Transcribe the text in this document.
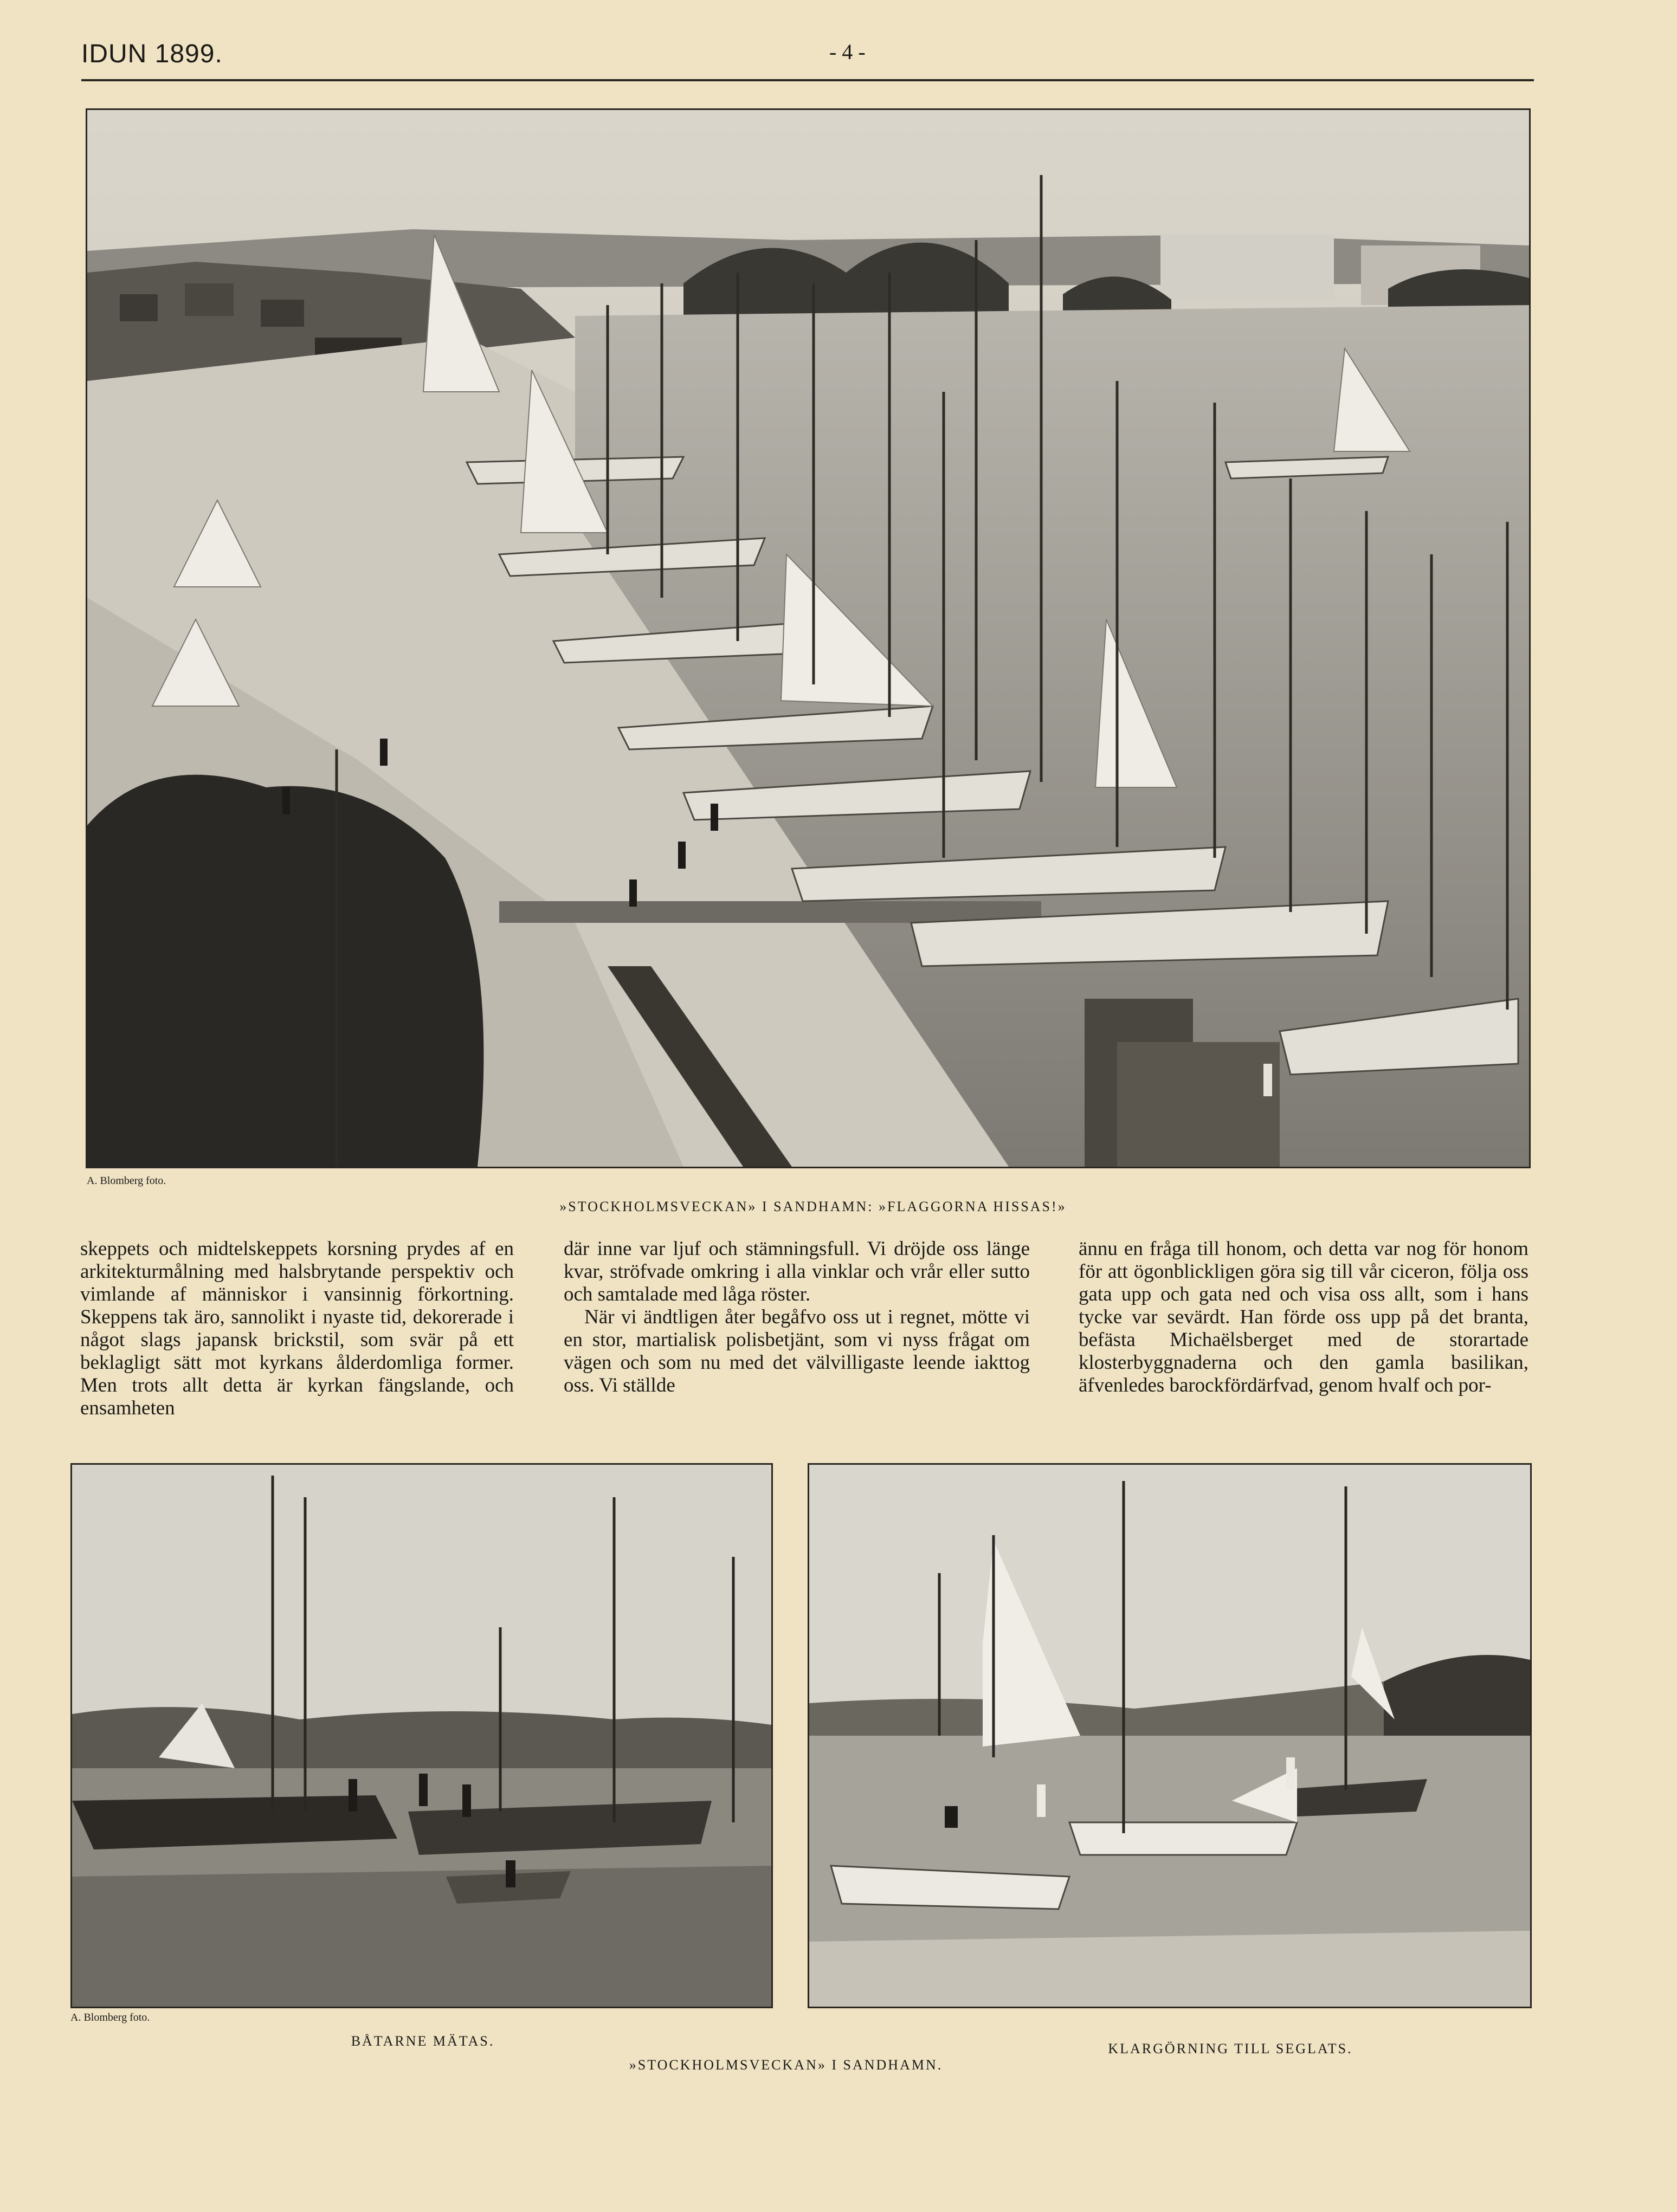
IDUN 1899.	- 4 -
A. Blomberg foto.
»STOCKHOLMSVECKAN» I SANDHAMN: »FLAGGORNA HISSAS!»

skeppets och midtelskeppets korsning prydes af en arkitekturmålning med halsbrytande perspektiv och vimlande af människor i vansinnig förkortning. Skeppens tak äro, sannolikt i nyaste tid, dekorerade i något slags japansk brickstil, som svär på ett beklagligt sätt mot kyrkans ålderdomliga former. Men trots allt detta är kyrkan fängslande, och ensamheten

där inne var ljuf och stämningsfull. Vi dröjde oss länge kvar, ströfvade omkring i alla vinklar och vrår eller sutto och samtalade med låga röster.

När vi ändtligen åter begåfvo oss ut i regnet, mötte vi en stor, martialisk polisbetjänt, som vi nyss frågat om vägen och som nu med det välvilligaste leende iakttog oss. Vi ställde

ännu en fråga till honom, och detta var nog för honom för att ögonblickligen göra sig till vår ciceron, följa oss gata upp och gata ned och visa oss allt, som i hans tycke var sevärdt. Han förde oss upp på det branta, befästa Michaëlsberget med de storartade klosterbyggnaderna och den gamla basilikan, äfvenledes barockfördärfvad, genom hvalf och por-

A. Blomberg foto.
BÅTARNE MÄTAS.
»STOCKHOLMSVECKAN» I SANDHAMN.
KLARGÖRNING TILL SEGLATS.
